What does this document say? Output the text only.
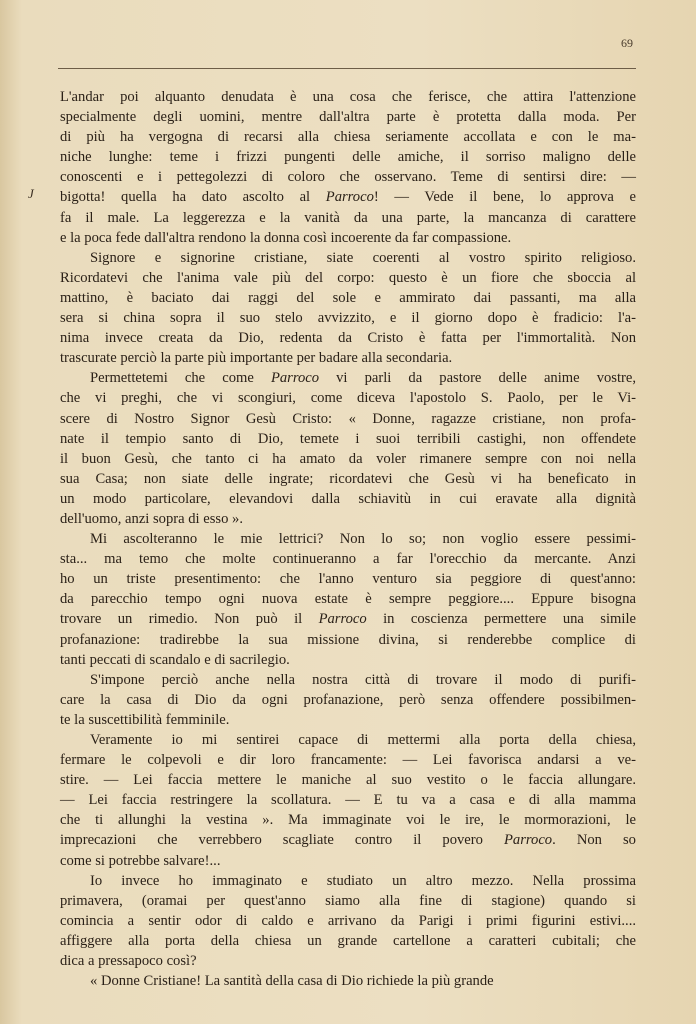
69
J
L'andar poi alquanto denudata è una cosa che ferisce, che attira l'attenzione
specialmente degli uomini, mentre dall'altra parte è protetta dalla moda. Per
di più ha vergogna di recarsi alla chiesa seriamente accollata e con le ma-
niche lunghe: teme i frizzi pungenti delle amiche, il sorriso maligno delle
conoscenti e i pettegolezzi di coloro che osservano. Teme di sentirsi dire: —
bigotta! quella ha dato ascolto al Parroco! — Vede il bene, lo approva e
fa il male. La leggerezza e la vanità da una parte, la mancanza di carattere
e la poca fede dall'altra rendono la donna così incoerente da far compassione.
Signore e signorine cristiane, siate coerenti al vostro spirito religioso.
Ricordatevi che l'anima vale più del corpo: questo è un fiore che sboccia al
mattino, è baciato dai raggi del sole e ammirato dai passanti, ma alla
sera si china sopra il suo stelo avvizzito, e il giorno dopo è fradicio: l'a-
nima invece creata da Dio, redenta da Cristo è fatta per l'immortalità. Non
trascurate perciò la parte più importante per badare alla secondaria.
Permettetemi che come Parroco vi parli da pastore delle anime vostre,
che vi preghi, che vi scongiuri, come diceva l'apostolo S. Paolo, per le Vi-
scere di Nostro Signor Gesù Cristo: « Donne, ragazze cristiane, non profa-
nate il tempio santo di Dio, temete i suoi terribili castighi, non offendete
il buon Gesù, che tanto ci ha amato da voler rimanere sempre con noi nella
sua Casa; non siate delle ingrate; ricordatevi che Gesù vi ha beneficato in
un modo particolare, elevandovi dalla schiavitù in cui eravate alla dignità
dell'uomo, anzi sopra di esso ».
Mi ascolteranno le mie lettrici? Non lo so; non voglio essere pessimi-
sta... ma temo che molte continueranno a far l'orecchio da mercante. Anzi
ho un triste presentimento: che l'anno venturo sia peggiore di quest'anno:
da parecchio tempo ogni nuova estate è sempre peggiore.... Eppure bisogna
trovare un rimedio. Non può il Parroco in coscienza permettere una simile
profanazione: tradirebbe la sua missione divina, si renderebbe complice di
tanti peccati di scandalo e di sacrilegio.
S'impone perciò anche nella nostra città di trovare il modo di purifi-
care la casa di Dio da ogni profanazione, però senza offendere possibilmen-
te la suscettibilità femminile.
Veramente io mi sentirei capace di mettermi alla porta della chiesa,
fermare le colpevoli e dir loro francamente: — Lei favorisca andarsi a ve-
stire. — Lei faccia mettere le maniche al suo vestito o le faccia allungare.
— Lei faccia restringere la scollatura. — E tu va a casa e di alla mamma
che ti allunghi la vestina ». Ma immaginate voi le ire, le mormorazioni, le
imprecazioni che verrebbero scagliate contro il povero Parroco. Non so
come si potrebbe salvare!...
Io invece ho immaginato e studiato un altro mezzo. Nella prossima
primavera, (oramai per quest'anno siamo alla fine di stagione) quando si
comincia a sentir odor di caldo e arrivano da Parigi i primi figurini estivi....
affiggere alla porta della chiesa un grande cartellone a caratteri cubitali; che
dica a pressapoco così?
« Donne Cristiane! La santità della casa di Dio richiede la più grande
